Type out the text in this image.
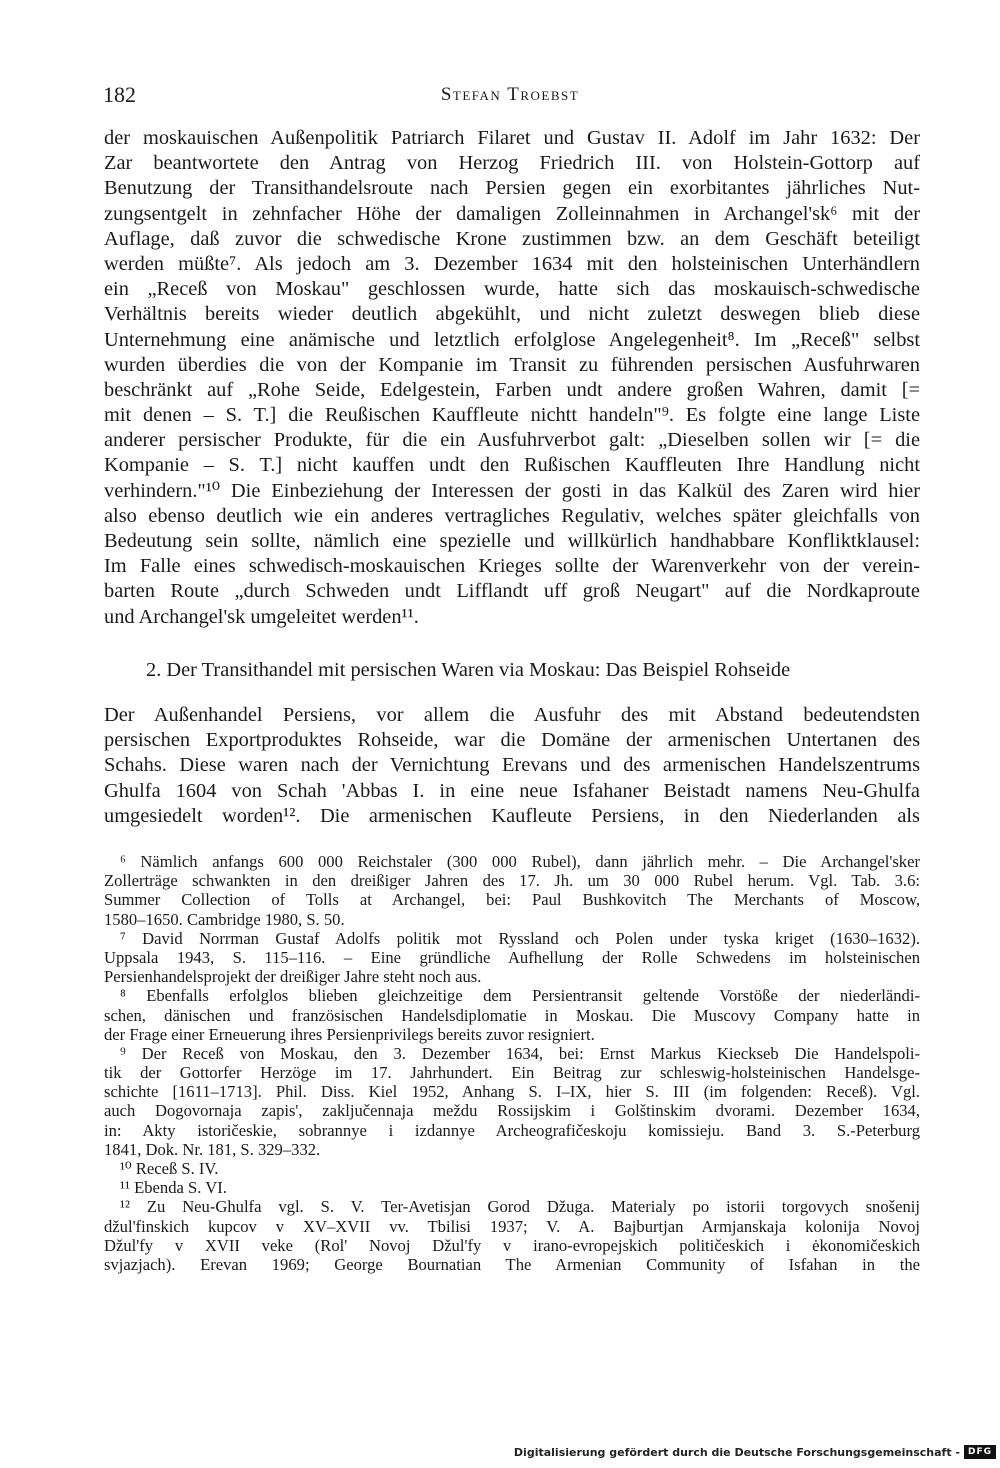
182	Stefan Troebst
der moskauischen Außenpolitik Patriarch Filaret und Gustav II. Adolf im Jahr 1632: Der
Zar beantwortete den Antrag von Herzog Friedrich III. von Holstein-Gottorp auf
Benutzung der Transithandelsroute nach Persien gegen ein exorbitantes jährliches Nut-
zungsentgelt in zehnfacher Höhe der damaligen Zolleinnahmen in Archangel'sk⁶ mit der
Auflage, daß zuvor die schwedische Krone zustimmen bzw. an dem Geschäft beteiligt
werden müßte⁷. Als jedoch am 3. Dezember 1634 mit den holsteinischen Unterhändlern
ein „Receß von Moskau" geschlossen wurde, hatte sich das moskauisch-schwedische
Verhältnis bereits wieder deutlich abgekühlt, und nicht zuletzt deswegen blieb diese
Unternehmung eine anämische und letztlich erfolglose Angelegenheit⁸. Im „Receß" selbst
wurden überdies die von der Kompanie im Transit zu führenden persischen Ausfuhrwaren
beschränkt auf „Rohe Seide, Edelgestein, Farben undt andere großen Wahren, damit [=
mit denen – S. T.] die Reußischen Kauffleute nichtt handeln"⁹. Es folgte eine lange Liste
anderer persischer Produkte, für die ein Ausfuhrverbot galt: „Dieselben sollen wir [= die
Kompanie – S. T.] nicht kauffen undt den Rußischen Kauffleuten Ihre Handlung nicht
verhindern."¹⁰ Die Einbeziehung der Interessen der gosti in das Kalkül des Zaren wird hier
also ebenso deutlich wie ein anderes vertragliches Regulativ, welches später gleichfalls von
Bedeutung sein sollte, nämlich eine spezielle und willkürlich handhabbare Konfliktklausel:
Im Falle eines schwedisch-moskauischen Krieges sollte der Warenverkehr von der verein-
barten Route „durch Schweden undt Lifflandt uff groß Neugart" auf die Nordkaproute
und Archangel'sk umgeleitet werden¹¹.
2. Der Transithandel mit persischen Waren via Moskau: Das Beispiel Rohseide
Der Außenhandel Persiens, vor allem die Ausfuhr des mit Abstand bedeutendsten
persischen Exportproduktes Rohseide, war die Domäne der armenischen Untertanen des
Schahs. Diese waren nach der Vernichtung Erevans und des armenischen Handelszentrums
Ghulfa 1604 von Schah 'Abbas I. in eine neue Isfahaner Beistadt namens Neu-Ghulfa
umgesiedelt worden¹². Die armenischen Kaufleute Persiens, in den Niederlanden als
⁶ Nämlich anfangs 600 000 Reichstaler (300 000 Rubel), dann jährlich mehr. – Die Archangel'sker
Zollerträge schwankten in den dreißiger Jahren des 17. Jh. um 30 000 Rubel herum. Vgl. Tab. 3.6:
Summer Collection of Tolls at Archangel, bei: Paul Bushkovitch The Merchants of Moscow,
1580–1650. Cambridge 1980, S. 50.
⁷ David Norrman Gustaf Adolfs politik mot Ryssland och Polen under tyska kriget (1630–1632).
Uppsala 1943, S. 115–116. – Eine gründliche Aufhellung der Rolle Schwedens im holsteinischen
Persienhandelsprojekt der dreißiger Jahre steht noch aus.
⁸ Ebenfalls erfolglos blieben gleichzeitige dem Persientransit geltende Vorstöße der niederländi-
schen, dänischen und französischen Handelsdiplomatie in Moskau. Die Muscovy Company hatte in
der Frage einer Erneuerung ihres Persienprivilegs bereits zuvor resigniert.
⁹ Der Receß von Moskau, den 3. Dezember 1634, bei: Ernst Markus Kieckseb Die Handelspoli-
tik der Gottorfer Herzöge im 17. Jahrhundert. Ein Beitrag zur schleswig-holsteinischen Handelsge-
schichte [1611–1713]. Phil. Diss. Kiel 1952, Anhang S. I–IX, hier S. III (im folgenden: Receß). Vgl.
auch Dogovornaja zapis', zaključennaja meždu Rossijskim i Golštinskim dvorami. Dezember 1634,
in: Akty istoričeskie, sobrannye i izdannye Archeografičeskoju komissieju. Band 3. S.-Peterburg
1841, Dok. Nr. 181, S. 329–332.
¹⁰ Receß S. IV.
¹¹ Ebenda S. VI.
¹² Zu Neu-Ghulfa vgl. S. V. Ter-Avetisjan Gorod Džuga. Materialy po istorii torgovych snošenij
džul'finskich kupcov v XV–XVII vv. Tbilisi 1937; V. A. Bajburtjan Armjanskaja kolonija Novoj
Džul'fy v XVII veke (Rol' Novoj Džul'fy v irano-evropejskich političeskich i ėkonomičeskich
svjazjach). Erevan 1969; George Bournatian The Armenian Community of Isfahan in the
Digitalisierung gefördert durch die Deutsche Forschungsgemeinschaft - DFG
